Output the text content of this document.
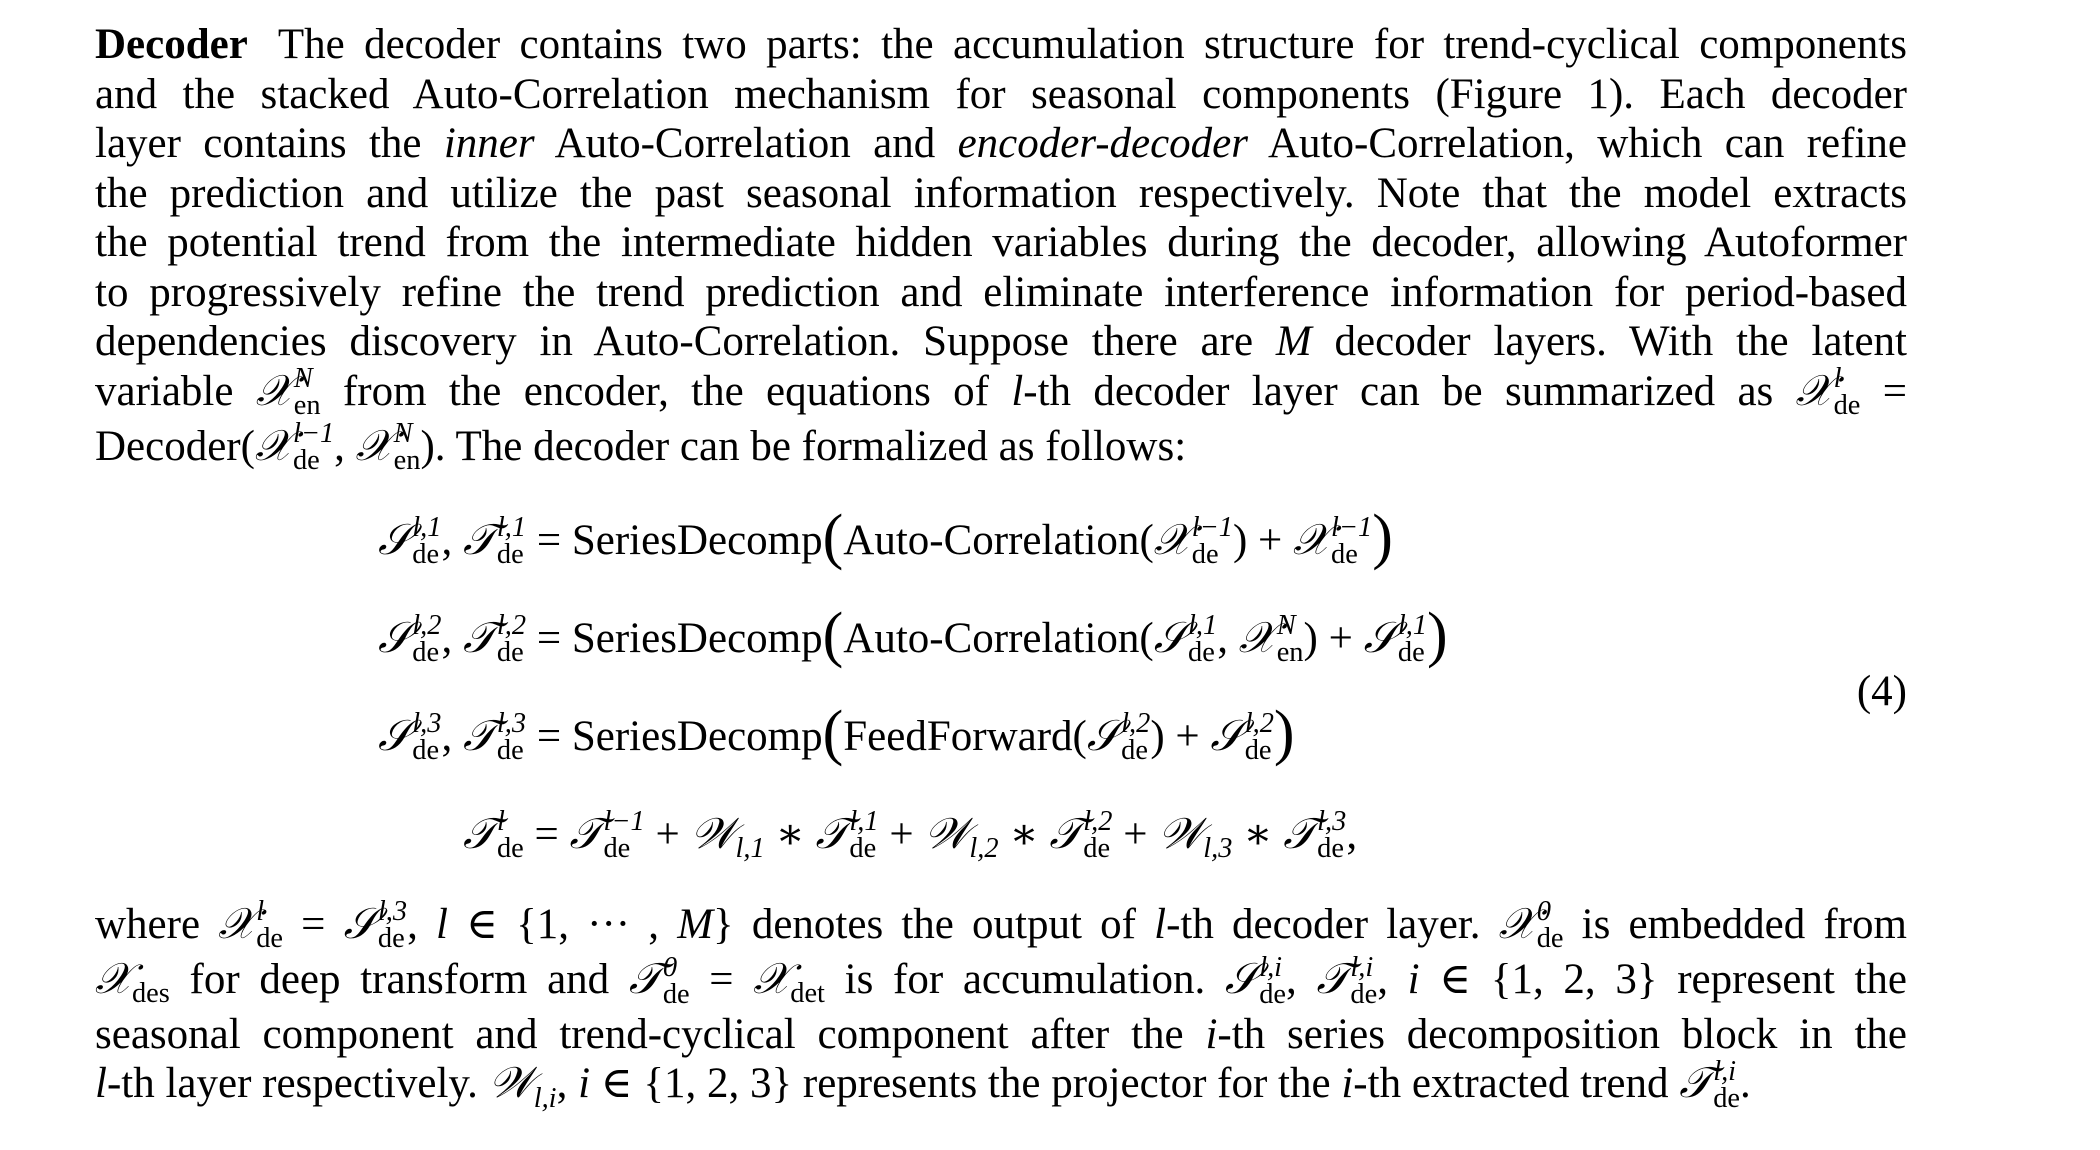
Decoder The decoder contains two parts: the accumulation structure for trend-cyclical components
and the stacked Auto-Correlation mechanism for seasonal components (Figure 1). Each decoder
layer contains the inner Auto-Correlation and encoder-decoder Auto-Correlation, which can refine
the prediction and utilize the past seasonal information respectively. Note that the model extracts
the potential trend from the intermediate hidden variables during the decoder, allowing Autoformer
to progressively refine the trend prediction and eliminate interference information for period-based
dependencies discovery in Auto-Correlation. Suppose there are M decoder layers. With the latent
variable 𝒳 N
en from the encoder, the equations of l-th decoder layer can be summarized as 𝒳 l
de =
Decoder(𝒳 l−1
de , 𝒳 N
en ). The decoder can be formalized as follows:
𝒮 l,1
de , 𝒯 l,1
de = SeriesDecomp(Auto-Correlation(𝒳 l−1
de ) + 𝒳 l−1
de )
𝒮 l,2
de , 𝒯 l,2
de = SeriesDecomp(Auto-Correlation(𝒮 l,1
de , 𝒳 N
en ) + 𝒮 l,1
de )
𝒮 l,3
de , 𝒯 l,3
de = SeriesDecomp(FeedForward(𝒮 l,2
de ) + 𝒮 l,2
de )
𝒯 l
de = 𝒯 l−1
de + 𝒲$_{l,1}$ ∗ 𝒯 l,1
de + 𝒲$_{l,2}$ ∗ 𝒯 l,2
de + 𝒲$_{l,3}$ ∗ 𝒯 l,3
de ,
(4)
where 𝒳 l
de = 𝒮 l,3
de , l ∈ {1, ··· , M} denotes the output of l-th decoder layer. 𝒳 0
de is embedded from
𝒳$_{des}$ for deep transform and 𝒯 0
de = 𝒳$_{det}$ is for accumulation. 𝒮 l,i
de , 𝒯 l,i
de , i ∈ {1, 2, 3} represent the
seasonal component and trend-cyclical component after the i-th series decomposition block in the
l-th layer respectively. 𝒲$_{l,i}$, i ∈ {1, 2, 3} represents the projector for the i-th extracted trend 𝒯 l,i
de .
